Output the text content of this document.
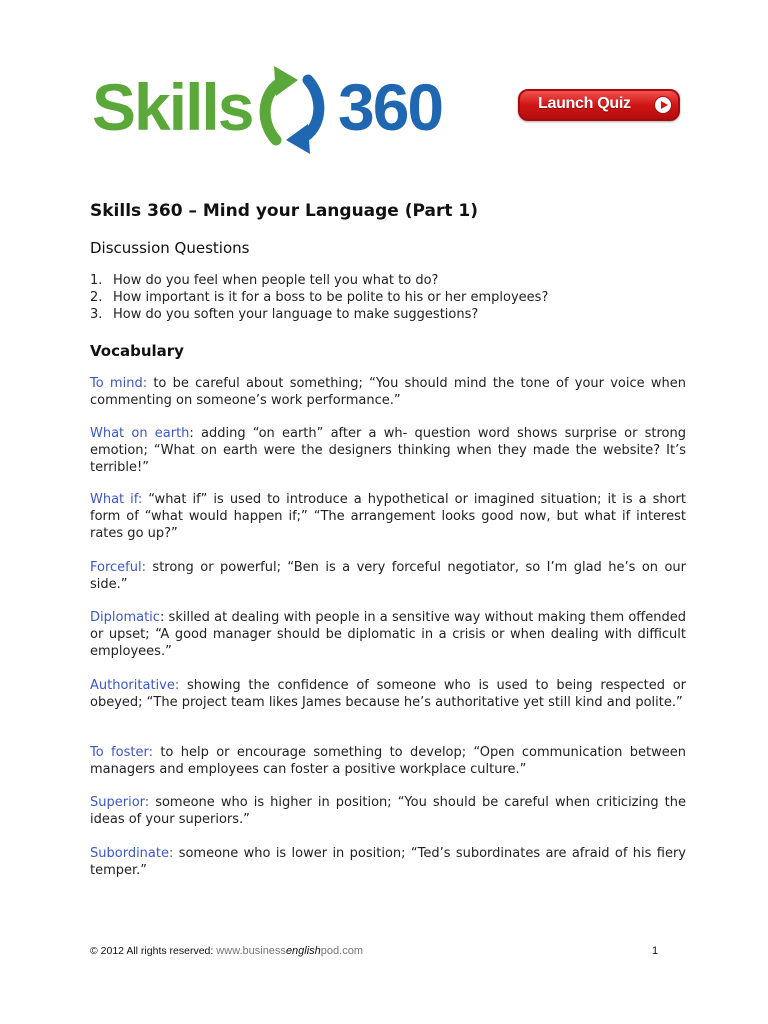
Skills 360	Launch Quiz
Skills 360 – Mind your Language (Part 1)
Discussion Questions
1. How do you feel when people tell you what to do?
2. How important is it for a boss to be polite to his or her employees?
3. How do you soften your language to make suggestions?
Vocabulary

To mind: to be careful about something; “You should mind the tone of your voice when commenting on someone’s work performance.”

What on earth: adding “on earth” after a wh- question word shows surprise or strong emotion; “What on earth were the designers thinking when they made the website? It’s terrible!”

What if: “what if” is used to introduce a hypothetical or imagined situation; it is a short form of “what would happen if;” “The arrangement looks good now, but what if interest rates go up?”

Forceful: strong or powerful; “Ben is a very forceful negotiator, so I’m glad he’s on our side.”

Diplomatic: skilled at dealing with people in a sensitive way without making them offended or upset; “A good manager should be diplomatic in a crisis or when dealing with difficult employees.”

Authoritative: showing the confidence of someone who is used to being respected or obeyed; “The project team likes James because he’s authoritative yet still kind and polite.”

To foster: to help or encourage something to develop; “Open communication between managers and employees can foster a positive workplace culture.”

Superior: someone who is higher in position; “You should be careful when criticizing the ideas of your superiors.”

Subordinate: someone who is lower in position; “Ted’s subordinates are afraid of his fiery temper.”

© 2012 All rights reserved: www.businessenglishpod.com	1
